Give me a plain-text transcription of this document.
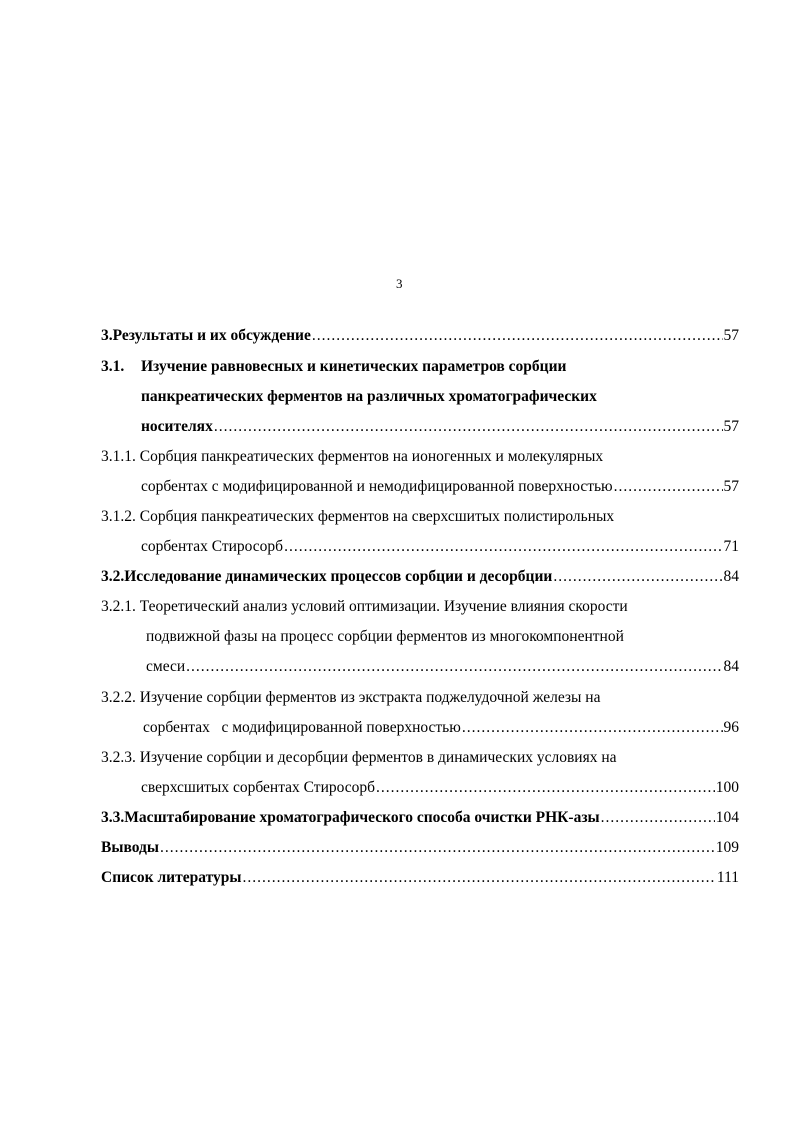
3
3. Результаты и их обсуждение .....	57
3.1.	Изучение равновесных и кинетических параметров сорбции
панкреатических ферментов на различных хроматографических
носителях .....	57
3.1.1. Сорбция панкреатических ферментов на ионогенных и молекулярных
сорбентах с модифицированной и немодифицированной поверхностью .....	57
3.1.2. Сорбция панкреатических ферментов на сверхсшитых полистирольных
сорбентах Стиросорб .....	71
3.2. Исследование динамических процессов сорбции и десорбции .....	84
3.2.1. Теоретический анализ условий оптимизации. Изучение влияния скорости
подвижной фазы на процесс сорбции ферментов из многокомпонентной
смеси .....	84
3.2.2. Изучение сорбции ферментов из экстракта поджелудочной железы на
сорбентах   с модифицированной поверхностью .....	96
3.2.3. Изучение сорбции и десорбции ферментов в динамических условиях на
сверхсшитых сорбентах Стиросорб .....	100
3.3. Масштабирование хроматографического способа очистки РНК-азы .....	104
Выводы .....	109
Список литературы .....	111
